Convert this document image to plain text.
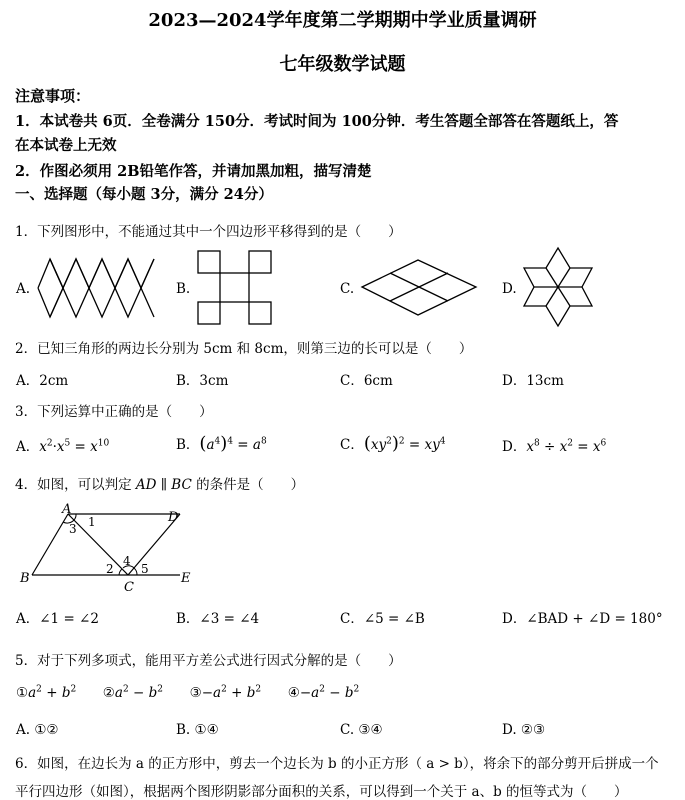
2023—2024学年度第二学期期中学业质量调研
七年级数学试题
注意事项：
1．本试卷共 6页．全卷满分 150分．考试时间为 100分钟．考生答题全部答在答题纸上，答
在本试卷上无效
2．作图必须用 2B铅笔作答，并请加黑加粗，描写清楚
一、选择题（每小题 3分，满分 24分）
1．下列图形中，不能通过其中一个四边形平移得到的是（　　）
A.	B.	C.	D.
2．已知三角形的两边长分别为 5cm 和 8cm，则第三边的长可以是（　　）
A．2cm	B．3cm	C．6cm	D．13cm
3．下列运算中正确的是（　　）
A．$x^2\cdot x^5 = x^{10}$	B．$(a^4)^4 = a^8$	C．$(xy^2)^2 = xy^4$	D．$x^8 \div x^2 = x^6$
4．如图，可以判定 AD ∥ BC 的条件是（　　）
A
D
B
C
E
1
3
2
4
5
A．∠1 = ∠2	B．∠3 = ∠4	C．∠5 = ∠B	D．∠BAD + ∠D = 180°
5．对于下列多项式，能用平方差公式进行因式分解的是（　　）
$①a^2 + b^2$ $②a^2 - b^2$ $③-a^2 + b^2$ $④-a^2 - b^2$
A. ①②	B. ①④	C. ③④	D. ②③
6．如图，在边长为 a 的正方形中，剪去一个边长为 b 的小正方形（ a > b），将余下的部分剪开后拼成一个
平行四边形（如图），根据两个图形阴影部分面积的关系，可以得到一个关于 a、b 的恒等式为（　　）
